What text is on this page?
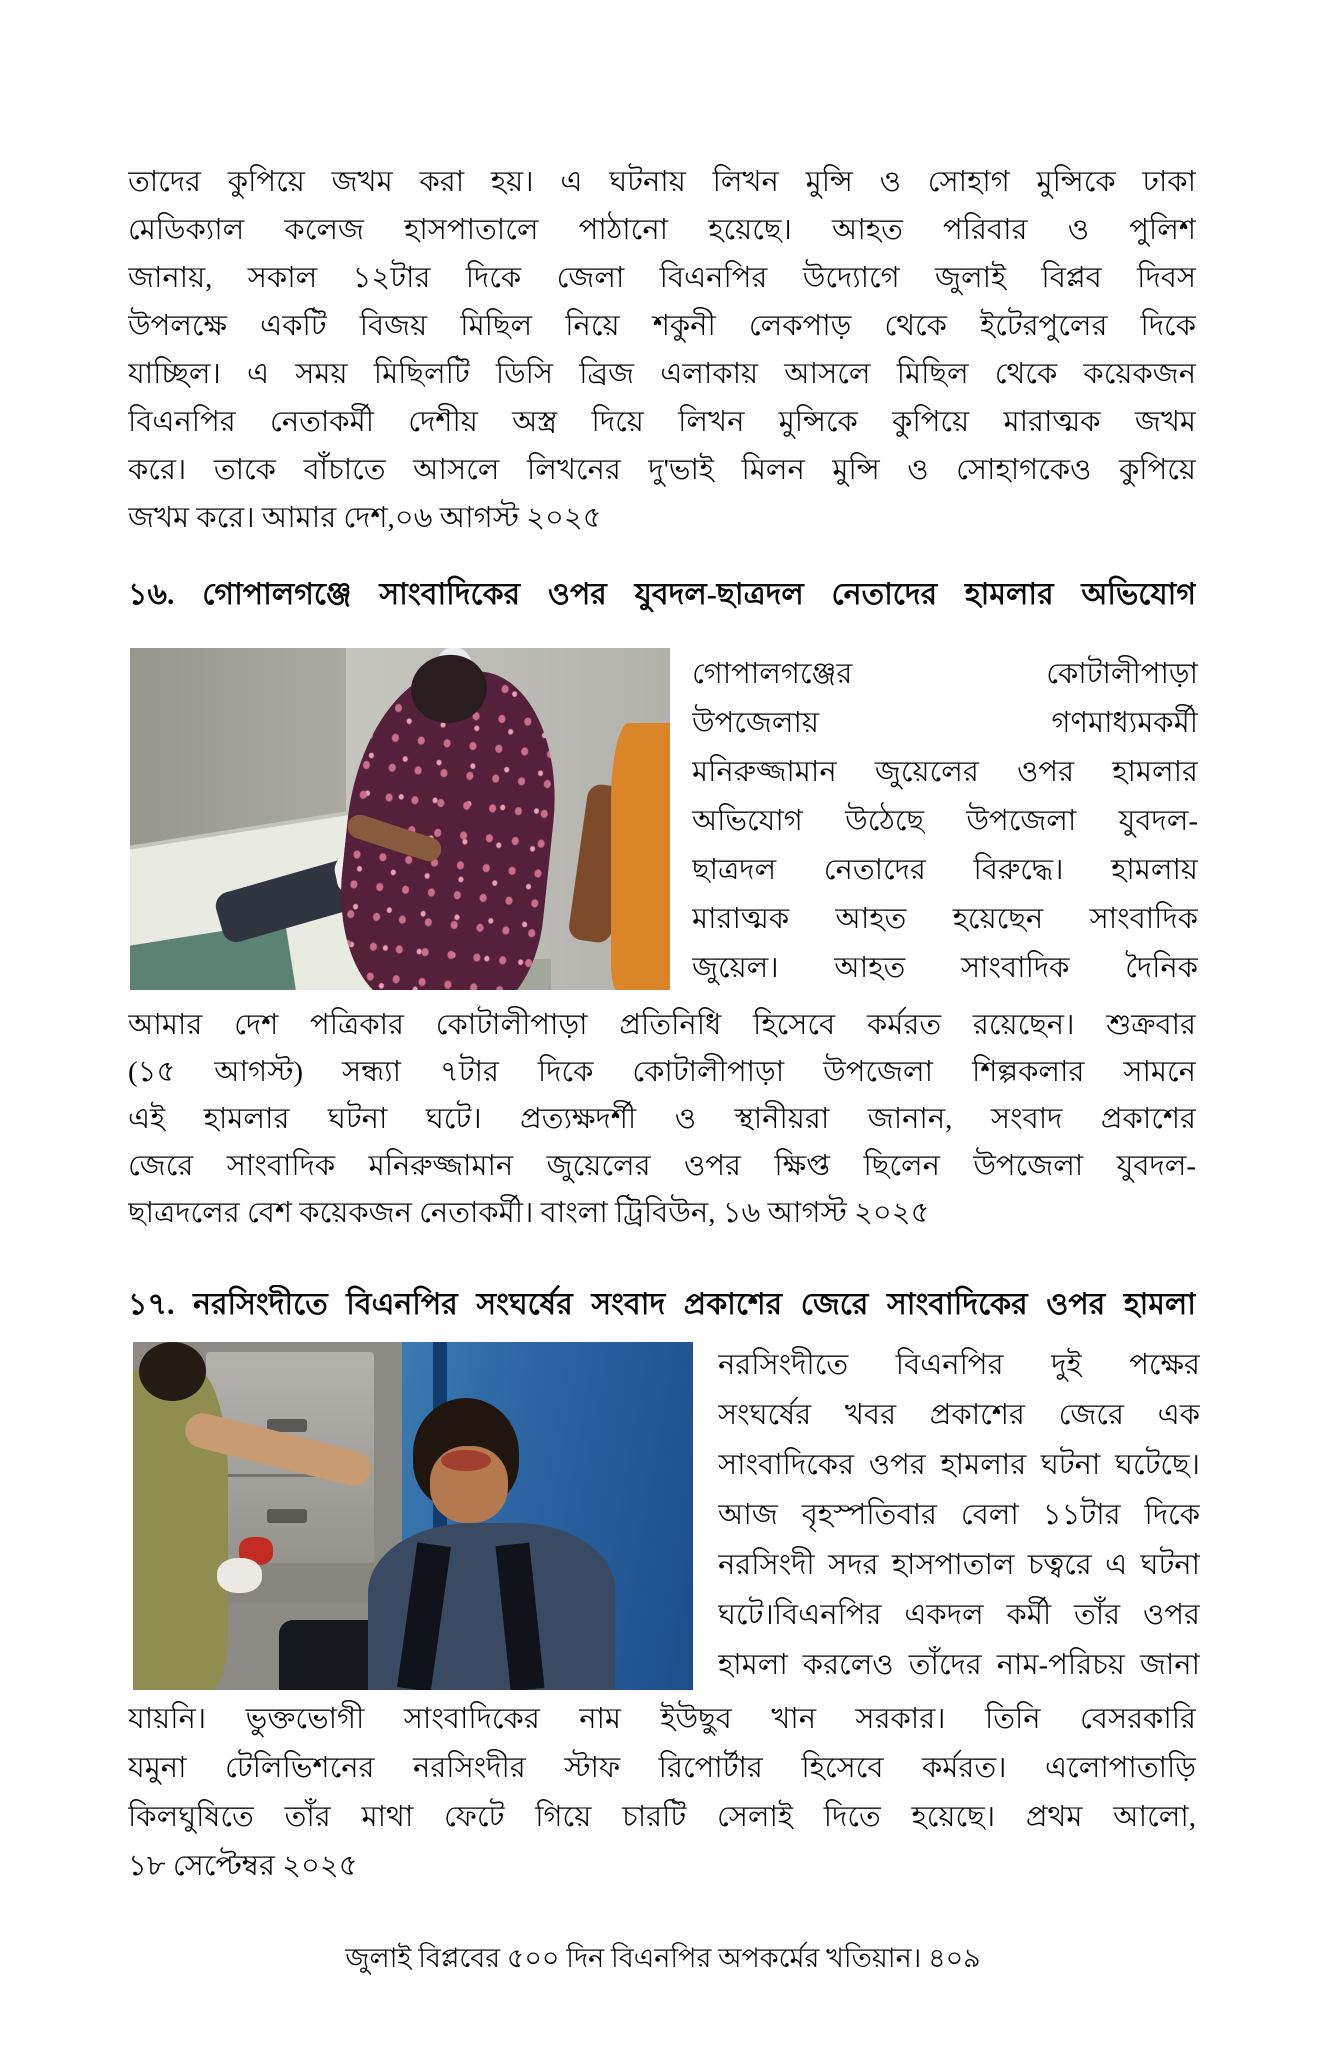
তাদের কুপিয়ে জখম করা হয়। এ ঘটনায় লিখন মুন্সি ও সোহাগ মুন্সিকে ঢাকা
মেডিক্যাল কলেজ হাসপাতালে পাঠানো হয়েছে। আহত পরিবার ও পুলিশ
জানায়, সকাল ১২টার দিকে জেলা বিএনপির উদ্যোগে জুলাই বিপ্লব দিবস
উপলক্ষে একটি বিজয় মিছিল নিয়ে শকুনী লেকপাড় থেকে ইটেরপুলের দিকে
যাচ্ছিল। এ সময় মিছিলটি ডিসি ব্রিজ এলাকায় আসলে মিছিল থেকে কয়েকজন
বিএনপির নেতাকর্মী দেশীয় অস্ত্র দিয়ে লিখন মুন্সিকে কুপিয়ে মারাত্মক জখম
করে। তাকে বাঁচাতে আসলে লিখনের দু'ভাই মিলন মুন্সি ও সোহাগকেও কুপিয়ে
জখম করে। আমার দেশ,০৬ আগস্ট ২০২৫
১৬. গোপালগঞ্জে সাংবাদিকের ওপর যুবদল-ছাত্রদল নেতাদের হামলার অভিযোগ
গোপালগঞ্জের কোটালীপাড়া
উপজেলায় গণমাধ্যমকর্মী
মনিরুজ্জামান জুয়েলের ওপর হামলার
অভিযোগ উঠেছে উপজেলা যুবদল-
ছাত্রদল নেতাদের বিরুদ্ধে। হামলায়
মারাত্মক আহত হয়েছেন সাংবাদিক
জুয়েল। আহত সাংবাদিক দৈনিক
আমার দেশ পত্রিকার কোটালীপাড়া প্রতিনিধি হিসেবে কর্মরত রয়েছেন। শুক্রবার
(১৫ আগস্ট) সন্ধ্যা ৭টার দিকে কোটালীপাড়া উপজেলা শিল্পকলার সামনে
এই হামলার ঘটনা ঘটে। প্রত্যক্ষদর্শী ও স্থানীয়রা জানান, সংবাদ প্রকাশের
জেরে সাংবাদিক মনিরুজ্জামান জুয়েলের ওপর ক্ষিপ্ত ছিলেন উপজেলা যুবদল-
ছাত্রদলের বেশ কয়েকজন নেতাকর্মী। বাংলা ট্রিবিউন, ১৬ আগস্ট ২০২৫
১৭. নরসিংদীতে বিএনপির সংঘর্ষের সংবাদ প্রকাশের জেরে সাংবাদিকের ওপর হামলা
নরসিংদীতে বিএনপির দুই পক্ষের
সংঘর্ষের খবর প্রকাশের জেরে এক
সাংবাদিকের ওপর হামলার ঘটনা ঘটেছে।
আজ বৃহস্পতিবার বেলা ১১টার দিকে
নরসিংদী সদর হাসপাতাল চত্বরে এ ঘটনা
ঘটে।বিএনপির একদল কর্মী তাঁর ওপর
হামলা করলেও তাঁদের নাম-পরিচয় জানা
যায়নি। ভুক্তভোগী সাংবাদিকের নাম ইউছুব খান সরকার। তিনি বেসরকারি
যমুনা টেলিভিশনের নরসিংদীর স্টাফ রিপোর্টার হিসেবে কর্মরত। এলোপাতাড়ি
কিলঘুষিতে তাঁর মাথা ফেটে গিয়ে চারটি সেলাই দিতে হয়েছে। প্রথম আলো,
১৮ সেপ্টেম্বর ২০২৫
জুলাই বিপ্লবের ৫০০ দিন বিএনপির অপকর্মের খতিয়ান। ৪০৯
